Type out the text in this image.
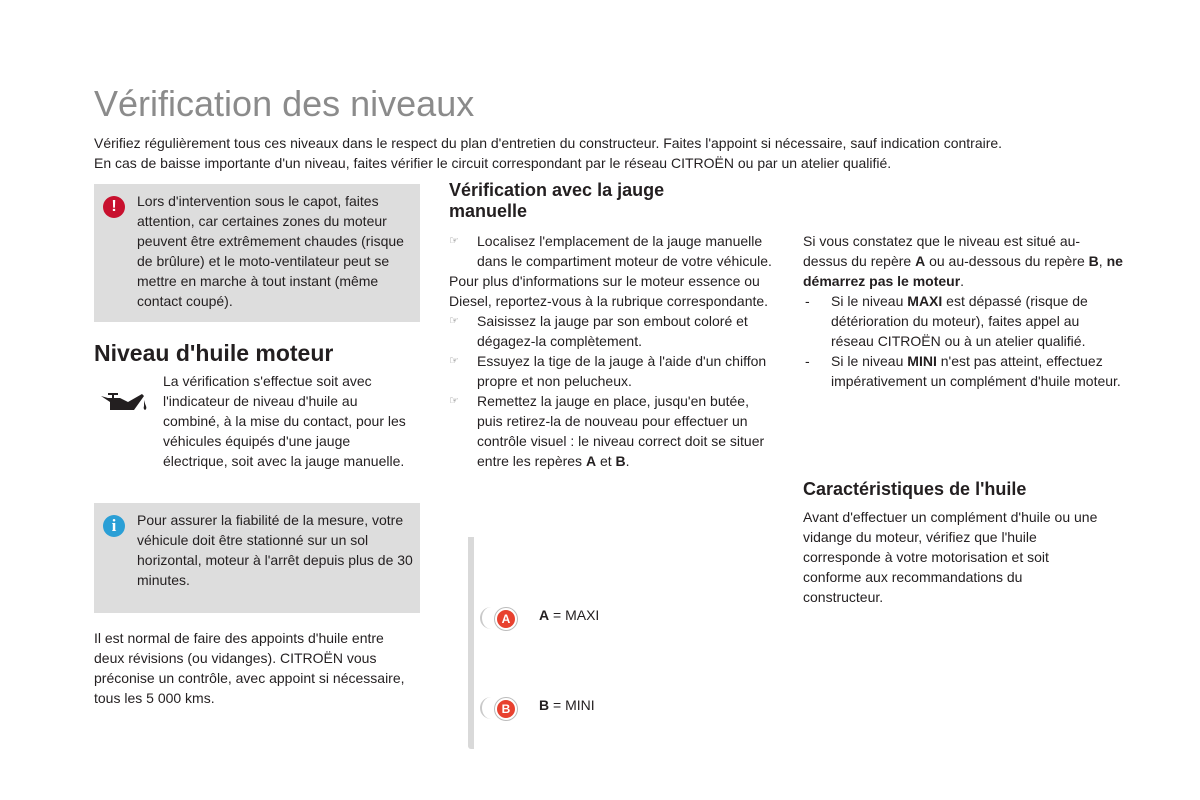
Vérification des niveaux

Vérifiez régulièrement tous ces niveaux dans le respect du plan d'entretien du constructeur. Faites l'appoint si nécessaire, sauf indication contraire.

En cas de baisse importante d'un niveau, faites vérifier le circuit correspondant par le réseau CITROËN ou par un atelier qualifié.

!	Lors d'intervention sous le capot, faites attention, car certaines zones du moteur peuvent être extrêmement chaudes (risque de brûlure) et le moto-ventilateur peut se mettre en marche à tout instant (même contact coupé).

Niveau d'huile moteur

La vérification s'effectue soit avec l'indicateur de niveau d'huile au combiné, à la mise du contact, pour les véhicules équipés d'une jauge électrique, soit avec la jauge manuelle.

i	Pour assurer la fiabilité de la mesure, votre véhicule doit être stationné sur un sol horizontal, moteur à l'arrêt depuis plus de 30 minutes.

Il est normal de faire des appoints d'huile entre deux révisions (ou vidanges). CITROËN vous préconise un contrôle, avec appoint si nécessaire, tous les 5 000 kms.

Vérification avec la jauge manuelle
☞ Localisez l'emplacement de la jauge manuelle dans le compartiment moteur de votre véhicule.

Pour plus d'informations sur le moteur essence ou Diesel, reportez-vous à la rubrique correspondante.

☞ Saisissez la jauge par son embout coloré et dégagez-la complètement.
☞ Essuyez la tige de la jauge à l'aide d'un chiffon propre et non pelucheux.
☞ Remettez la jauge en place, jusqu'en butée, puis retirez-la de nouveau pour effectuer un contrôle visuel : le niveau correct doit se situer entre les repères A et B.
A
B
A = MAXI
B = MINI

Si vous constatez que le niveau est situé au-dessus du repère A ou au-dessous du repère B, ne démarrez pas le moteur.

- Si le niveau MAXI est dépassé (risque de détérioration du moteur), faites appel au réseau CITROËN ou à un atelier qualifié.
- Si le niveau MINI n'est pas atteint, effectuez impérativement un complément d'huile moteur.
Caractéristiques de l'huile

Avant d'effectuer un complément d'huile ou une vidange du moteur, vérifiez que l'huile corresponde à votre motorisation et soit conforme aux recommandations du constructeur.
